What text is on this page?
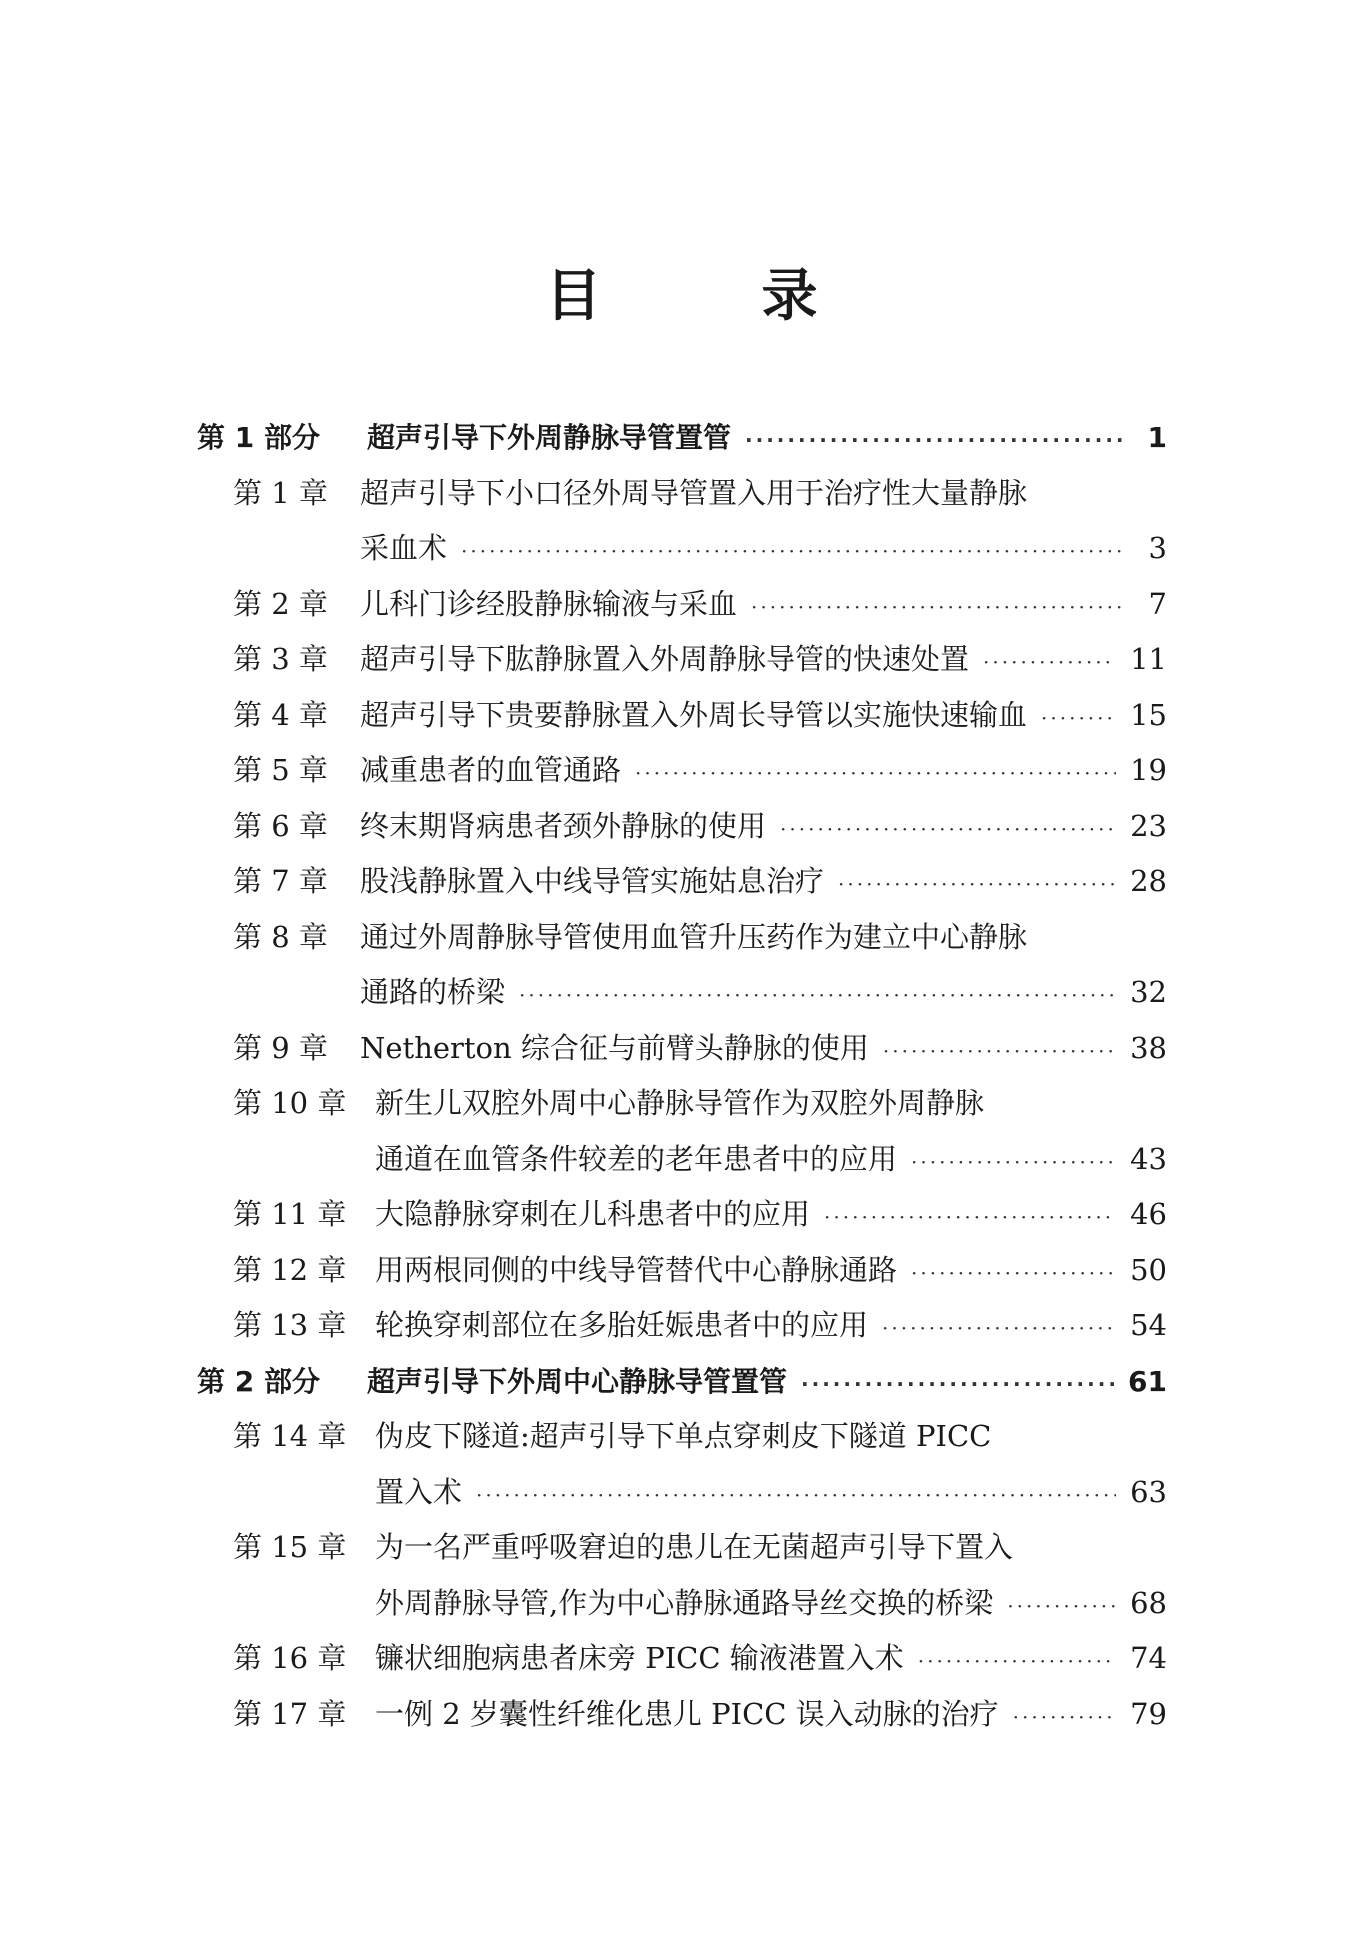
目　录
第 1 部分	超声引导下外周静脉导管置管 ·····	1
第 1 章	超声引导下小口径外周导管置入用于治疗性大量静脉
采血术 ·····	3
第 2 章	儿科门诊经股静脉输液与采血 ·····	7
第 3 章	超声引导下肱静脉置入外周静脉导管的快速处置 ·····	11
第 4 章	超声引导下贵要静脉置入外周长导管以实施快速输血 ·····	15
第 5 章	减重患者的血管通路 ·····	19
第 6 章	终末期肾病患者颈外静脉的使用 ·····	23
第 7 章	股浅静脉置入中线导管实施姑息治疗 ·····	28
第 8 章	通过外周静脉导管使用血管升压药作为建立中心静脉
通路的桥梁 ·····	32
第 9 章	Netherton 综合征与前臂头静脉的使用 ·····	38
第 10 章 新生儿双腔外周中心静脉导管作为双腔外周静脉
通道在血管条件较差的老年患者中的应用 ·····	43
第 11 章 大隐静脉穿刺在儿科患者中的应用 ·····	46
第 12 章 用两根同侧的中线导管替代中心静脉通路 ·····	50
第 13 章 轮换穿刺部位在多胎妊娠患者中的应用 ·····	54
第 2 部分	超声引导下外周中心静脉导管置管 ·····	61
第 14 章 伪皮下隧道:超声引导下单点穿刺皮下隧道 PICC
置入术 ·····	63
第 15 章 为一名严重呼吸窘迫的患儿在无菌超声引导下置入
外周静脉导管,作为中心静脉通路导丝交换的桥梁 ·····	68
第 16 章 镰状细胞病患者床旁 PICC 输液港置入术 ·····	74
第 17 章 一例 2 岁囊性纤维化患儿 PICC 误入动脉的治疗 ·····	79
